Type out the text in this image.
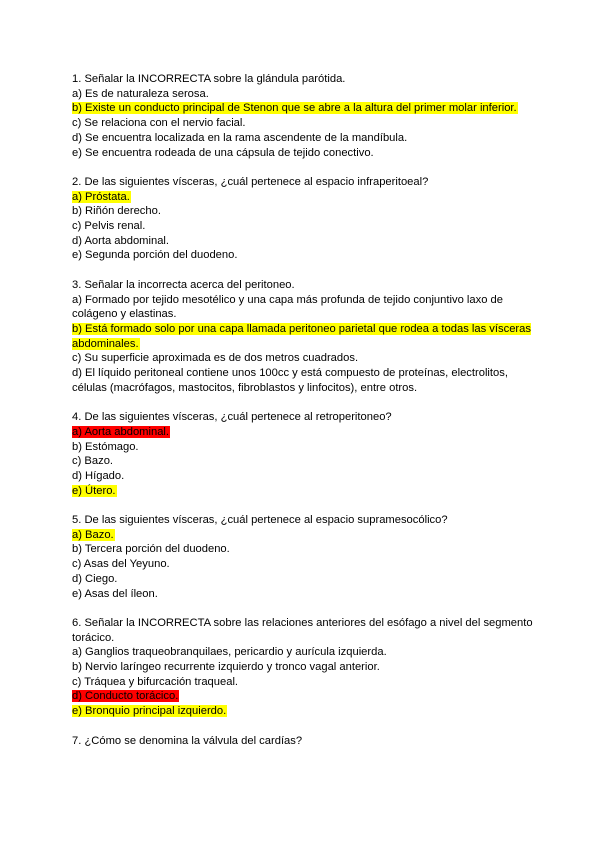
1. Señalar la INCORRECTA sobre la glándula parótida.
a) Es de naturaleza serosa.
b) Existe un conducto principal de Stenon que se abre a la altura del primer molar inferior.
c) Se relaciona con el nervio facial.
d) Se encuentra localizada en la rama ascendente de la mandíbula.
e) Se encuentra rodeada de una cápsula de tejido conectivo.
2. De las siguientes vísceras, ¿cuál pertenece al espacio infraperitoeal?
a) Próstata.
b) Riñón derecho.
c) Pelvis renal.
d) Aorta abdominal.
e) Segunda porción del duodeno.
3. Señalar la incorrecta acerca del peritoneo.
a) Formado por tejido mesotélico y una capa más profunda de tejido conjuntivo laxo de colágeno y elastinas.
b) Está formado solo por una capa llamada peritoneo parietal que rodea a todas las vísceras abdominales.
c) Su superficie aproximada es de dos metros cuadrados.
d) El líquido peritoneal contiene unos 100cc y está compuesto de proteínas, electrolitos, células (macrófagos, mastocitos, fibroblastos y linfocitos), entre otros.
4. De las siguientes vísceras, ¿cuál pertenece al retroperitoneo?
a) Aorta abdominal.
b) Estómago.
c) Bazo.
d) Hígado.
e) Útero.
5. De las siguientes vísceras, ¿cuál pertenece al espacio supramesocólico?
a) Bazo.
b) Tercera porción del duodeno.
c) Asas del Yeyuno.
d) Ciego.
e) Asas del íleon.
6. Señalar la INCORRECTA sobre las relaciones anteriores del esófago a nivel del segmento torácico.
a) Ganglios traqueobranquilaes, pericardio y aurícula izquierda.
b) Nervio laríngeo recurrente izquierdo y tronco vagal anterior.
c) Tráquea y bifurcación traqueal.
d) Conducto torácico.
e) Bronquio principal izquierdo.
7. ¿Cómo se denomina la válvula del cardías?
